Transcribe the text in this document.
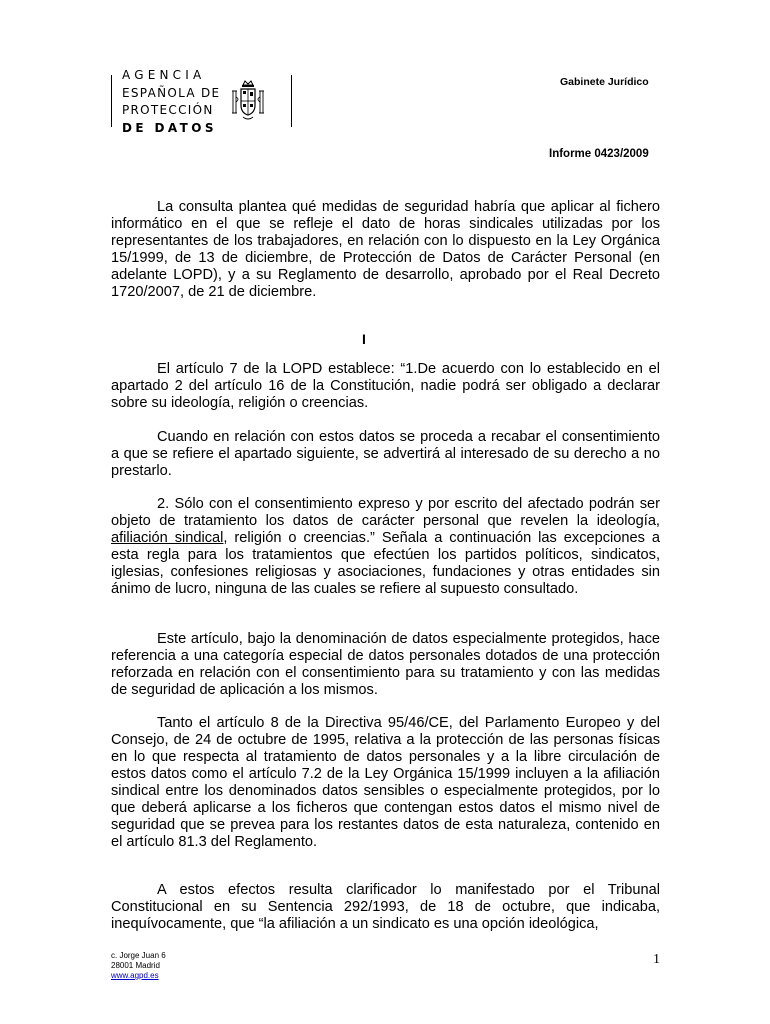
AGENCIA
ESPAÑOLA DE
PROTECCIÓN
DE DATOS
Gabinete Jurídico
Informe 0423/2009
La consulta plantea qué medidas de seguridad habría que aplicar al fichero informático en el que se refleje el dato de horas sindicales utilizadas por los representantes de los trabajadores, en relación con lo dispuesto en la Ley Orgánica 15/1999, de 13 de diciembre, de Protección de Datos de Carácter Personal (en adelante LOPD), y a su Reglamento de desarrollo, aprobado por el Real Decreto 1720/2007, de 21 de diciembre.
I
El artículo 7 de la LOPD establece: “1.De acuerdo con lo establecido en el apartado 2 del artículo 16 de la Constitución, nadie podrá ser obligado a declarar sobre su ideología, religión o creencias.
Cuando en relación con estos datos se proceda a recabar el consentimiento a que se refiere el apartado siguiente, se advertirá al interesado de su derecho a no prestarlo.
2. Sólo con el consentimiento expreso y por escrito del afectado podrán ser objeto de tratamiento los datos de carácter personal que revelen la ideología, afiliación sindical, religión o creencias.” Señala a continuación las excepciones a esta regla para los tratamientos que efectúen los partidos políticos, sindicatos, iglesias, confesiones religiosas y asociaciones, fundaciones y otras entidades sin ánimo de lucro, ninguna de las cuales se refiere al supuesto consultado.
Este artículo, bajo la denominación de datos especialmente protegidos, hace referencia a una categoría especial de datos personales dotados de una protección reforzada en relación con el consentimiento para su tratamiento y con las medidas de seguridad de aplicación a los mismos.
Tanto el artículo 8 de la Directiva 95/46/CE, del Parlamento Europeo y del Consejo, de 24 de octubre de 1995, relativa a la protección de las personas físicas en lo que respecta al tratamiento de datos personales y a la libre circulación de estos datos como el artículo 7.2 de la Ley Orgánica 15/1999 incluyen a la afiliación sindical entre los denominados datos sensibles o especialmente protegidos, por lo que deberá aplicarse a los ficheros que contengan estos datos el mismo nivel de seguridad que se prevea para los restantes datos de esta naturaleza, contenido en el artículo 81.3 del Reglamento.
A estos efectos resulta clarificador lo manifestado por el Tribunal Constitucional en su Sentencia 292/1993, de 18 de octubre, que indicaba, inequívocamente, que “la afiliación a un sindicato es una opción ideológica,
c. Jorge Juan 6
28001 Madrid
www.agpd.es
1
